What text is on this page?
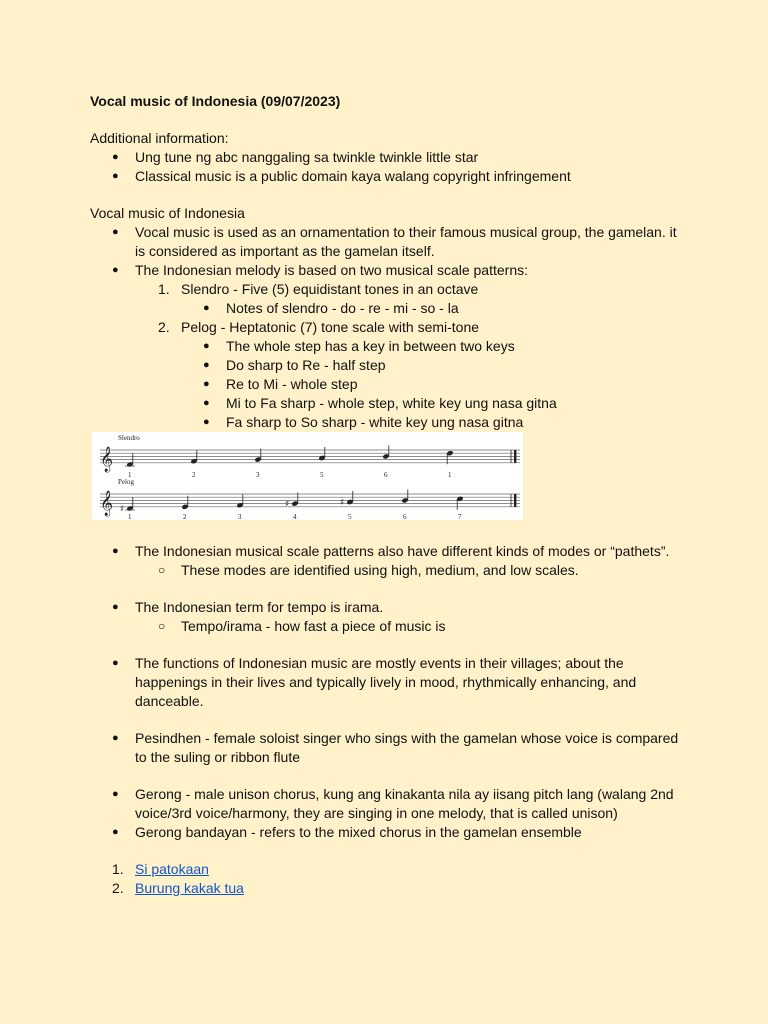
Vocal music of Indonesia (09/07/2023)
Additional information:
● Ung tune ng abc nanggaling sa twinkle twinkle little star
● Classical music is a public domain kaya walang copyright infringement
Vocal music of Indonesia
● Vocal music is used as an ornamentation to their famous musical group, the gamelan. it
is considered as important as the gamelan itself.
● The Indonesian melody is based on two musical scale patterns:
1. Slendro - Five (5) equidistant tones in an octave
● Notes of slendro - do - re - mi - so - la
2. Pelog - Heptatonic (7) tone scale with semi-tone
● The whole step has a key in between two keys
● Do sharp to Re - half step
● Re to Mi - whole step
● Mi to Fa sharp - whole step, white key ung nasa gitna
● Fa sharp to So sharp - white key ung nasa gitna
● The Indonesian musical scale patterns also have different kinds of modes or “pathets”.
○ These modes are identified using high, medium, and low scales.
● The Indonesian term for tempo is irama.
○ Tempo/irama - how fast a piece of music is
● The functions of Indonesian music are mostly events in their villages; about the
happenings in their lives and typically lively in mood, rhythmically enhancing, and
danceable.
● Pesindhen - female soloist singer who sings with the gamelan whose voice is compared
to the suling or ribbon flute
● Gerong - male unison chorus, kung ang kinakanta nila ay iisang pitch lang (walang 2nd
voice/3rd voice/harmony, they are singing in one melody, that is called unison)
● Gerong bandayan - refers to the mixed chorus in the gamelan ensemble
1. Si patokaan
2. Burung kakak tua
Slendro
𝄞
1	2	3	5	6	1
Pelog
𝄞 ♯
1	2	3
♯
4
♯
5	6	7
